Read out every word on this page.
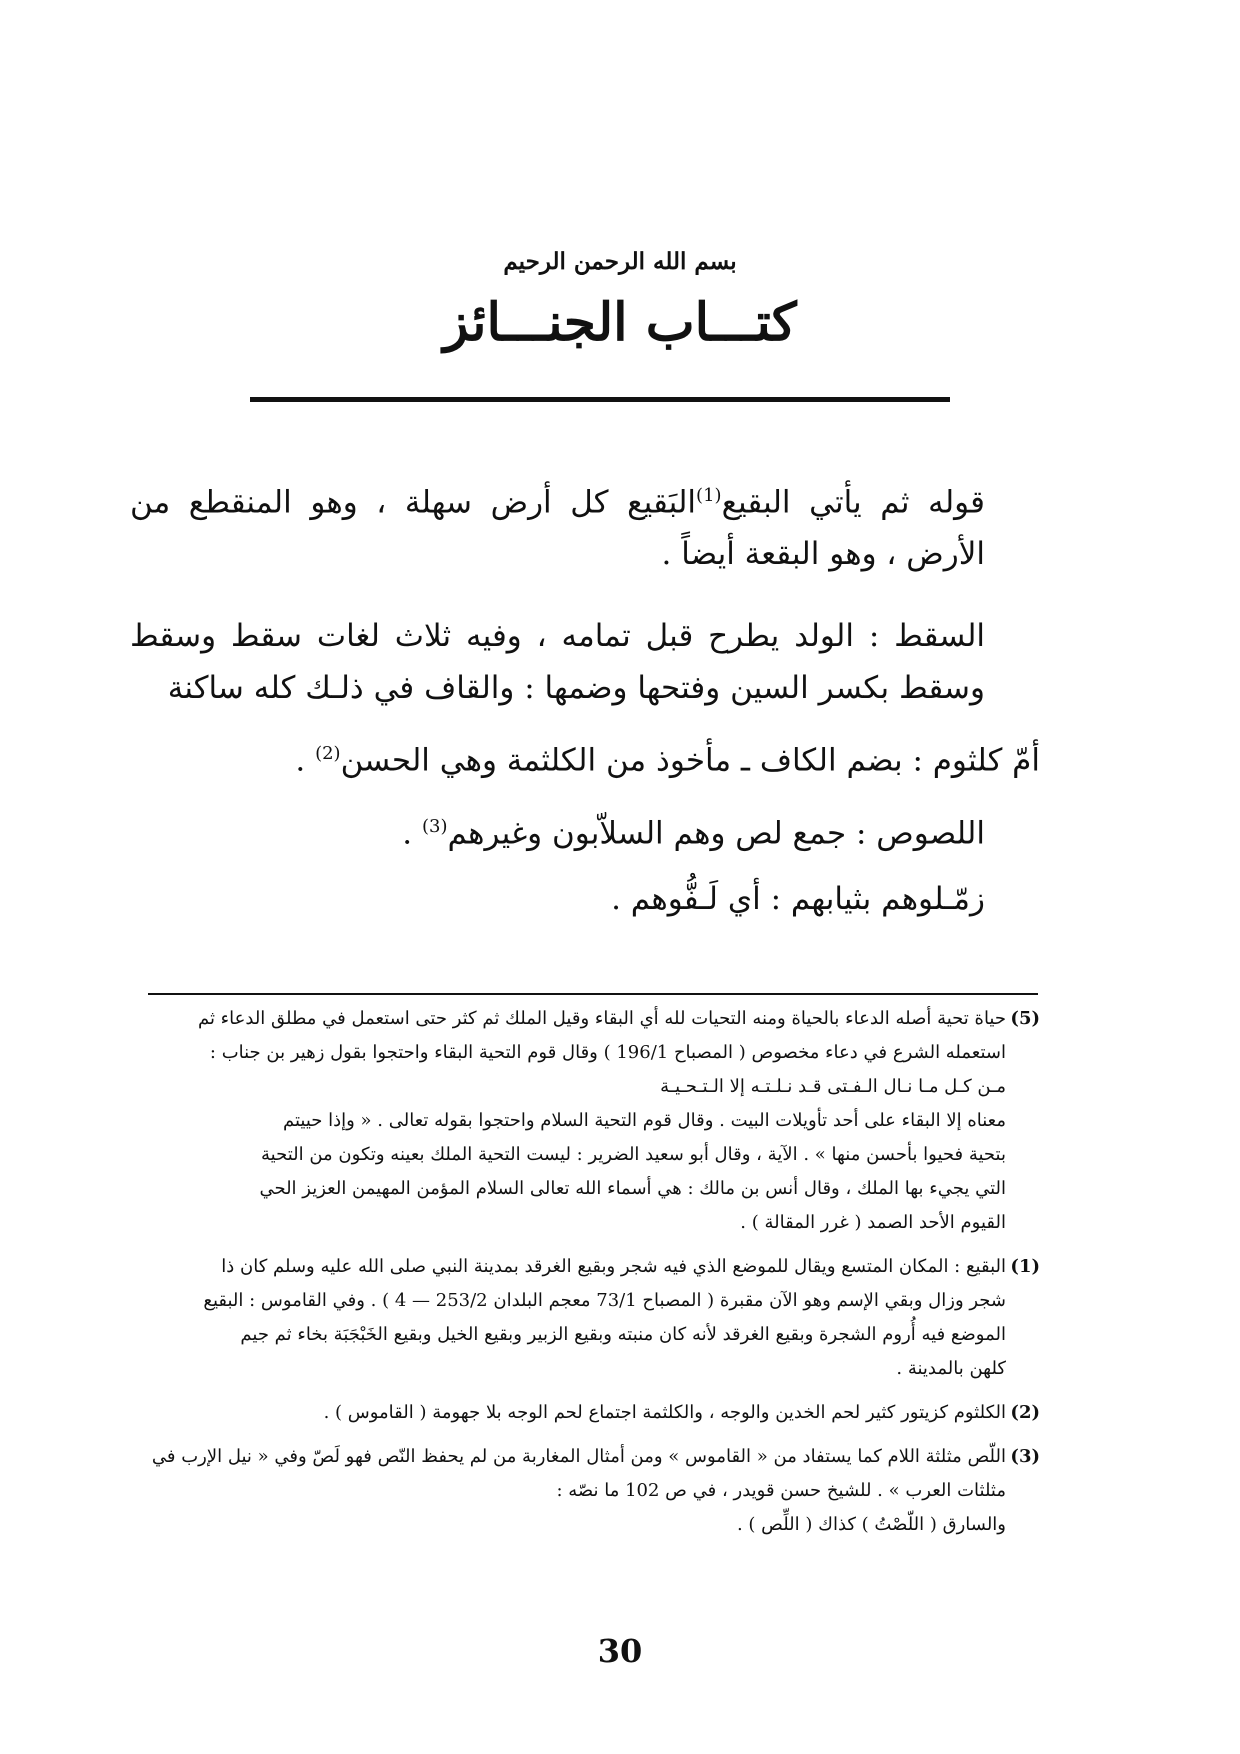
بسم الله الرحمن الرحيم
كتـــاب الجنـــائز

قوله ثم يأتي البقيع$^{(1)}$البَقيع كل أرض سهلة ، وهو المنقطع من الأرض ، وهو البقعة أيضاً .

السقط : الولد يطرح قبل تمامه ، وفيه ثلاث لغات سقط وسقط وسقط بكسر السين وفتحها وضمها : والقاف في ذلـك كله ساكنة

أمّ كلثوم : بضم الكاف ـ مأخوذ من الكلثمة وهي الحسن$^{(2)}$ .

اللصوص : جمع لص وهم السلاّبون وغيرهم$^{(3)}$ .

زمّـلوهم بثيابهم : أي لَـفُّوهم .

(5)
حياة تحية أصله الدعاء بالحياة ومنه التحيات لله أي البقاء وقيل الملك ثم كثر حتى استعمل في مطلق الدعاء ثم
استعمله الشرع في دعاء مخصوص ( المصباح 196/1 ) وقال قوم التحية البقاء واحتجوا بقول زهير بن جناب :
مـن كـل مـا نـال الـفـتى قـد نـلـتـه إلا الـتـحـيـة
معناه إلا البقاء على أحد تأويلات البيت . وقال قوم التحية السلام واحتجوا بقوله تعالى . « وإذا حييتم
بتحية فحيوا بأحسن منها » . الآية ، وقال أبو سعيد الضرير : ليست التحية الملك بعينه وتكون من التحية
التي يجيء بها الملك ، وقال أنس بن مالك : هي أسماء الله تعالى السلام المؤمن المهيمن العزيز الحي
القيوم الأحد الصمد ( غرر المقالة ) .
(1)
البقيع : المكان المتسع ويقال للموضع الذي فيه شجر وبقيع الغرقد بمدينة النبي صلى الله عليه وسلم كان ذا
شجر وزال وبقي الإسم وهو الآن مقبرة ( المصباح 73/1 معجم البلدان 253/2 — 4 ) . وفي القاموس : البقيع
الموضع فيه أُروم الشجرة وبقيع الغرقد لأنه كان منبته وبقيع الزبير وبقيع الخيل وبقيع الخَبْجَبَة بخاء ثم جيم
كلهن بالمدينة .
(2)
الكلثوم كزيتور كثير لحم الخدين والوجه ، والكلثمة اجتماع لحم الوجه بلا جهومة ( القاموس ) .
(3)
اللّص مثلثة اللام كما يستفاد من « القاموس » ومن أمثال المغاربة من لم يحفظ النّص فهو لَصّ وفي « نيل الإرب في
مثلثات العرب » . للشيخ حسن قويدر ، في ص 102 ما نصّه :
والسارق ( اللّصْتُ ) كذاك ( اللِّص ) .
30
